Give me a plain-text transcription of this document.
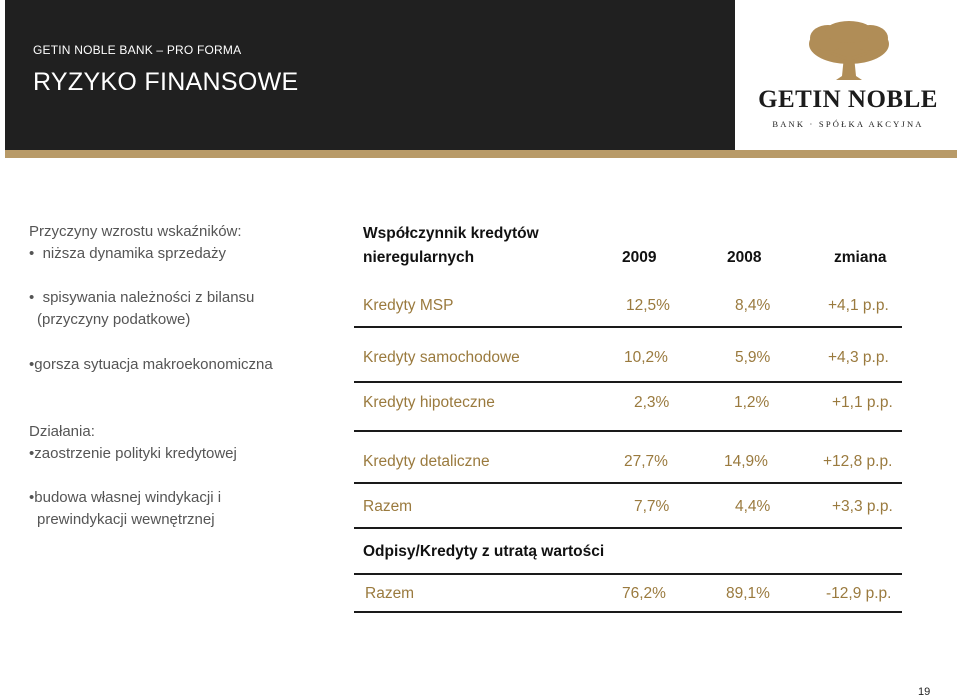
GETIN NOBLE BANK – PRO FORMA
RYZYKO FINANSOWE
GETIN NOBLE
BANK · SPÓŁKA AKCYJNA
Przyczyny wzrostu wskaźników:
•  niższa dynamika sprzedaży
•  spisywania należności z bilansu
(przyczyny podatkowe)
•gorsza sytuacja makroekonomiczna
Działania:
•zaostrzenie polityki kredytowej
•budowa własnej windykacji i
prewindykacji wewnętrznej
Współczynnik kredytów
nieregularnych	2009	2008	zmiana
Kredyty MSP	12,5%	8,4%	+4,1 p.p.
Kredyty samochodowe	10,2%	5,9%	+4,3 p.p.
Kredyty hipoteczne	2,3%	1,2%	+1,1 p.p.
Kredyty detaliczne	27,7%	14,9%	+12,8 p.p.
Razem	7,7%	4,4%	+3,3 p.p.
Odpisy/Kredyty z utratą wartości
Razem	76,2%	89,1%	-12,9 p.p.
19
